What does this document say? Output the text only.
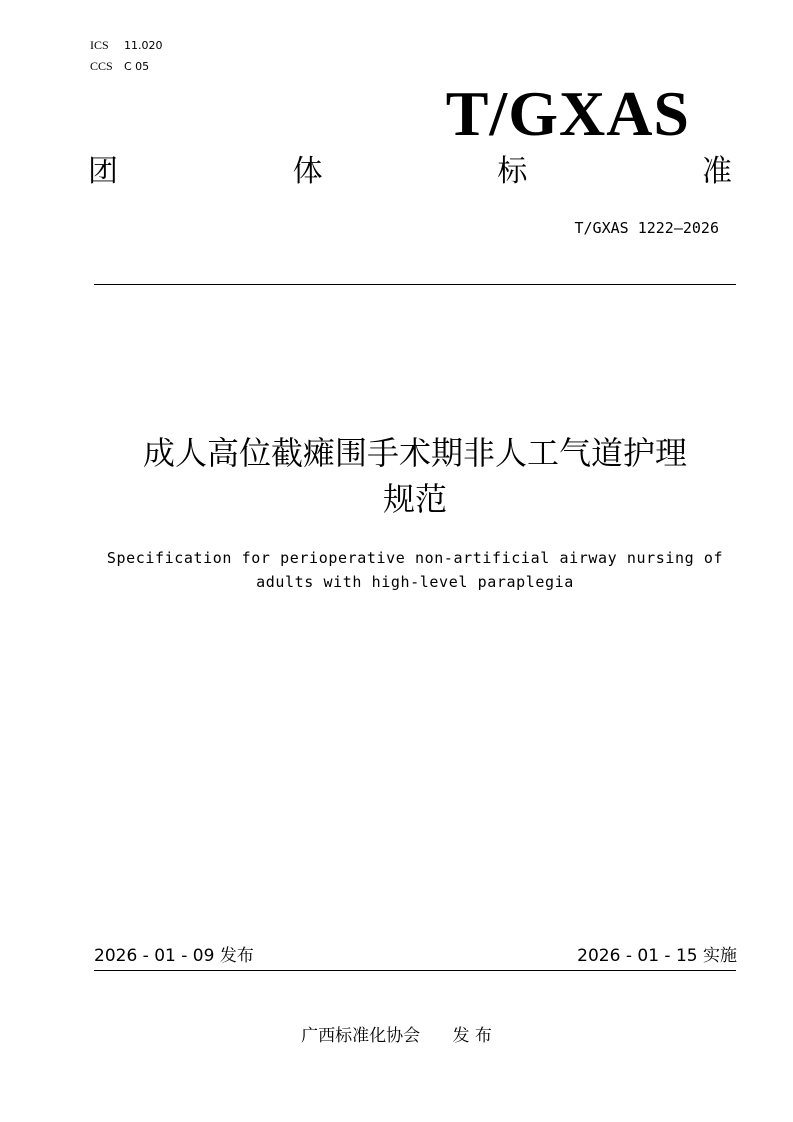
ICS 11.020
CCS C 05
T/GXAS
团	体	标	准
T/GXAS 1222—2026
成人高位截瘫围手术期非人工气道护理
规范
Specification for perioperative non-artificial airway nursing of
adults with high-level paraplegia
2026 - 01 - 09 发布	2026 - 01 - 15 实施
广西标准化协会 发 布
